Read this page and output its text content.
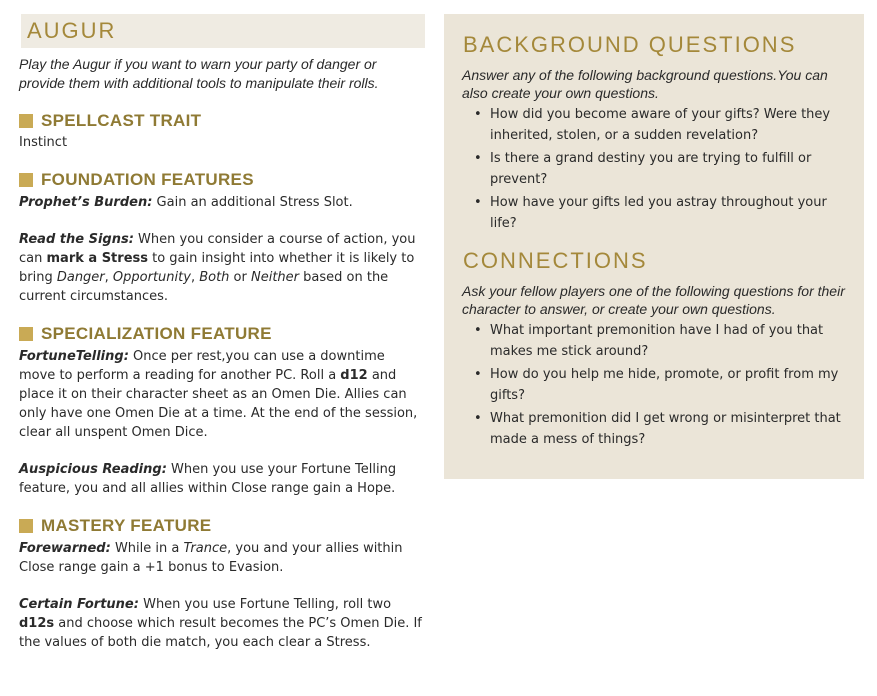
AUGUR
Play the Augur if you want to warn your party of danger or provide them with additional tools to manipulate their rolls.
SPELLCAST TRAIT
Instinct
FOUNDATION FEATURES
Prophet’s Burden: Gain an additional Stress Slot.
Read the Signs: When you consider a course of action, you can mark a Stress to gain insight into whether it is likely to bring Danger, Opportunity, Both or Neither based on the current circumstances.
SPECIALIZATION FEATURE
FortuneTelling: Once per rest,you can use a downtime move to perform a reading for another PC. Roll a d12 and place it on their character sheet as an Omen Die. Allies can only have one Omen Die at a time. At the end of the session, clear all unspent Omen Dice.
Auspicious Reading: When you use your Fortune Telling feature, you and all allies within Close range gain a Hope.
MASTERY FEATURE
Forewarned: While in a Trance, you and your allies within Close range gain a +1 bonus to Evasion.
Certain Fortune: When you use Fortune Telling, roll two d12s and choose which result becomes the PC’s Omen Die. If the values of both die match, you each clear a Stress.
BACKGROUND QUESTIONS
Answer any of the following background questions.You can also create your own questions.
• How did you become aware of your gifts? Were they inherited, stolen, or a sudden revelation?
• Is there a grand destiny you are trying to fulfill or prevent?
• How have your gifts led you astray throughout your life?
CONNECTIONS
Ask your fellow players one of the following questions for their character to answer, or create your own questions.
• What important premonition have I had of you that makes me stick around?
• How do you help me hide, promote, or profit from my gifts?
• What premonition did I get wrong or misinterpret that made a mess of things?
